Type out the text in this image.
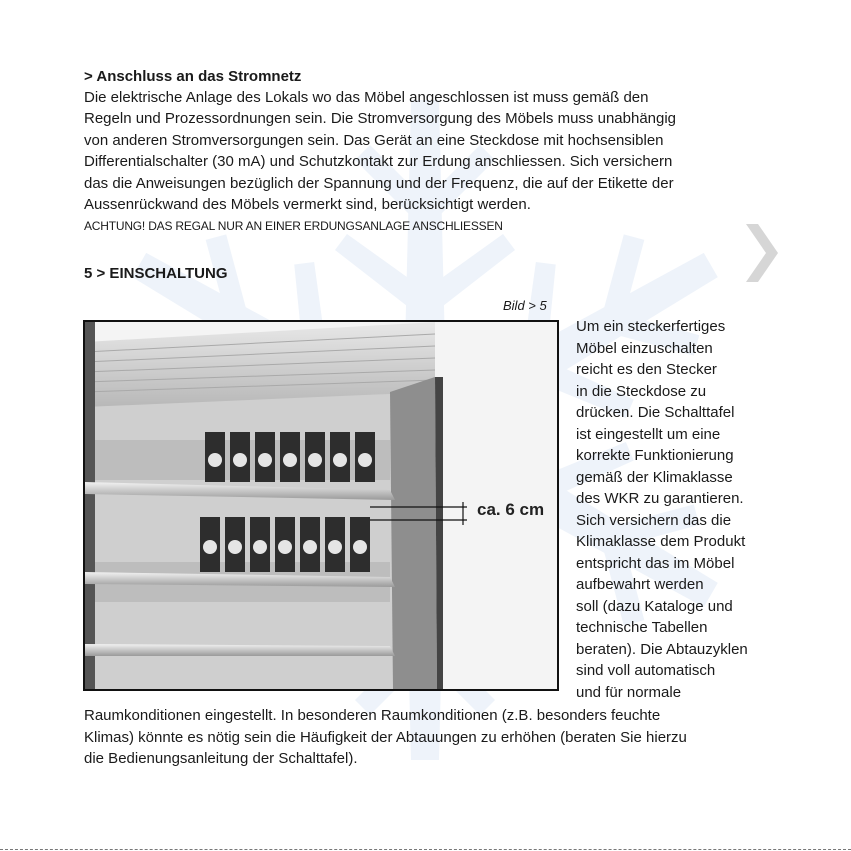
> Anschluss an das Stromnetz

Die elektrische Anlage des Lokals wo das Möbel angeschlossen ist muss gemäß den

Regeln und Prozessordnungen sein. Die Stromversorgung des Möbels muss unabhängig

von anderen Stromversorgungen sein. Das Gerät an eine Steckdose mit hochsensiblen

Differentialschalter (30 mA) und Schutzkontakt zur Erdung anschliessen. Sich versichern

das die Anweisungen bezüglich der Spannung und der Frequenz, die auf der Etikette der

Aussenrückwand des Möbels vermerkt sind, berücksichtigt werden.

ACHTUNG! DAS REGAL NUR AN EINER ERDUNGSANLAGE ANSCHLIESSEN
5 > EINSCHALTUNG
Bild > 5
ca. 6 cm
Um ein steckerfertiges
Möbel einzuschalten
reicht es den Stecker
in die Steckdose zu
drücken. Die Schalttafel
ist eingestellt um eine
korrekte Funktionierung
gemäß der Klimaklasse
des WKR zu garantieren.
Sich versichern das die
Klimaklasse dem Produkt
entspricht das im Möbel
aufbewahrt werden
soll (dazu Kataloge und
technische Tabellen
beraten). Die Abtauzyklen
sind voll automatisch
und für normale
Raumkonditionen eingestellt. In besonderen Raumkonditionen (z.B. besonders feuchte
Klimas) könnte es nötig sein die Häufigkeit der Abtauungen zu erhöhen (beraten Sie hierzu
die Bedienungsanleitung der Schalttafel).
